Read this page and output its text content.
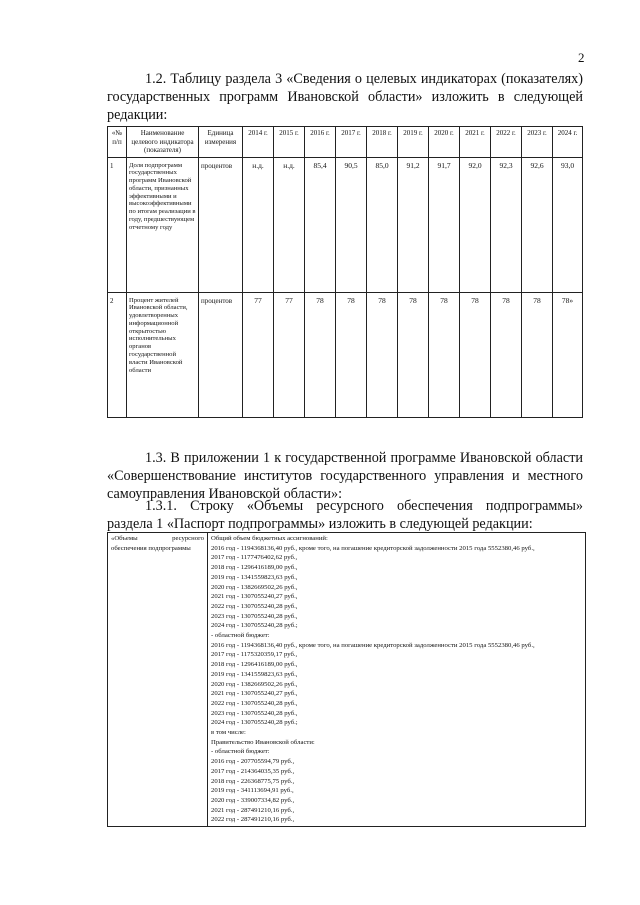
2

1.2. Таблицу раздела 3 «Сведения о целевых индикаторах (показателях) государственных программ Ивановской области» изложить в следующей редакции:

«№ п/п	Наименование целевого индикатора (показателя)	Единица измерения	2014 г.	2015 г.	2016 г.	2017 г.	2018 г.	2019 г.	2020 г.	2021 г.	2022 г.	2023 г.	2024 г.
1	Доля подпрограмм государственных программ Ивановской области, признанных эффективными и высокоэффективными по итогам реализации в году, предшествующем отчетному году	процентов	н.д.	н.д.	85,4	90,5	85,0	91,2	91,7	92,0	92,3	92,6	93,0
2	Процент жителей Ивановской области, удовлетворенных информационной открытостью исполнительных органов государственной власти Ивановской области	процентов	77	77	78	78	78	78	78	78	78	78	78»

1.3. В приложении 1 к государственной программе Ивановской области «Совершенствование институтов государственного управления и местного самоуправления Ивановской области»:

1.3.1. Строку «Объемы ресурсного обеспечения подпрограммы» раздела 1 «Паспорт подпрограммы» изложить в следующей редакции:

«Объемы ресурсного обеспечения подпрограммы	
Общий объем бюджетных ассигнований:
2016 год - 1194368136,40 руб., кроме того, на погашение кредиторской задолженности 2015 года 5552380,46 руб.,
2017 год - 1177476402,62 руб.,
2018 год - 1296416189,00 руб.,
2019 год - 1341559823,63 руб.,
2020 год - 1382669502,26 руб.,
2021 год - 1307055240,27 руб.,
2022 год - 1307055240,28 руб.,
2023 год - 1307055240,28 руб.,
2024 год - 1307055240,28 руб.;
- областной бюджет:
2016 год - 1194368136,40 руб., кроме того, на погашение кредиторской задолженности 2015 года 5552380,46 руб.,
2017 год - 1175320359,17 руб.,
2018 год - 1296416189,00 руб.,
2019 год - 1341559823,63 руб.,
2020 год - 1382669502,26 руб.,
2021 год - 1307055240,27 руб.,
2022 год - 1307055240,28 руб.,
2023 год - 1307055240,28 руб.,
2024 год - 1307055240,28 руб.;
в том числе:
Правительство Ивановской области:
- областной бюджет:
2016 год - 207705594,79 руб.,
2017 год - 214364035,35 руб.,
2018 год - 226368775,75 руб.,
2019 год - 341113694,91 руб.,
2020 год - 339007334,82 руб.,
2021 год - 287491210,16 руб.,
2022 год - 287491210,16 руб.,
